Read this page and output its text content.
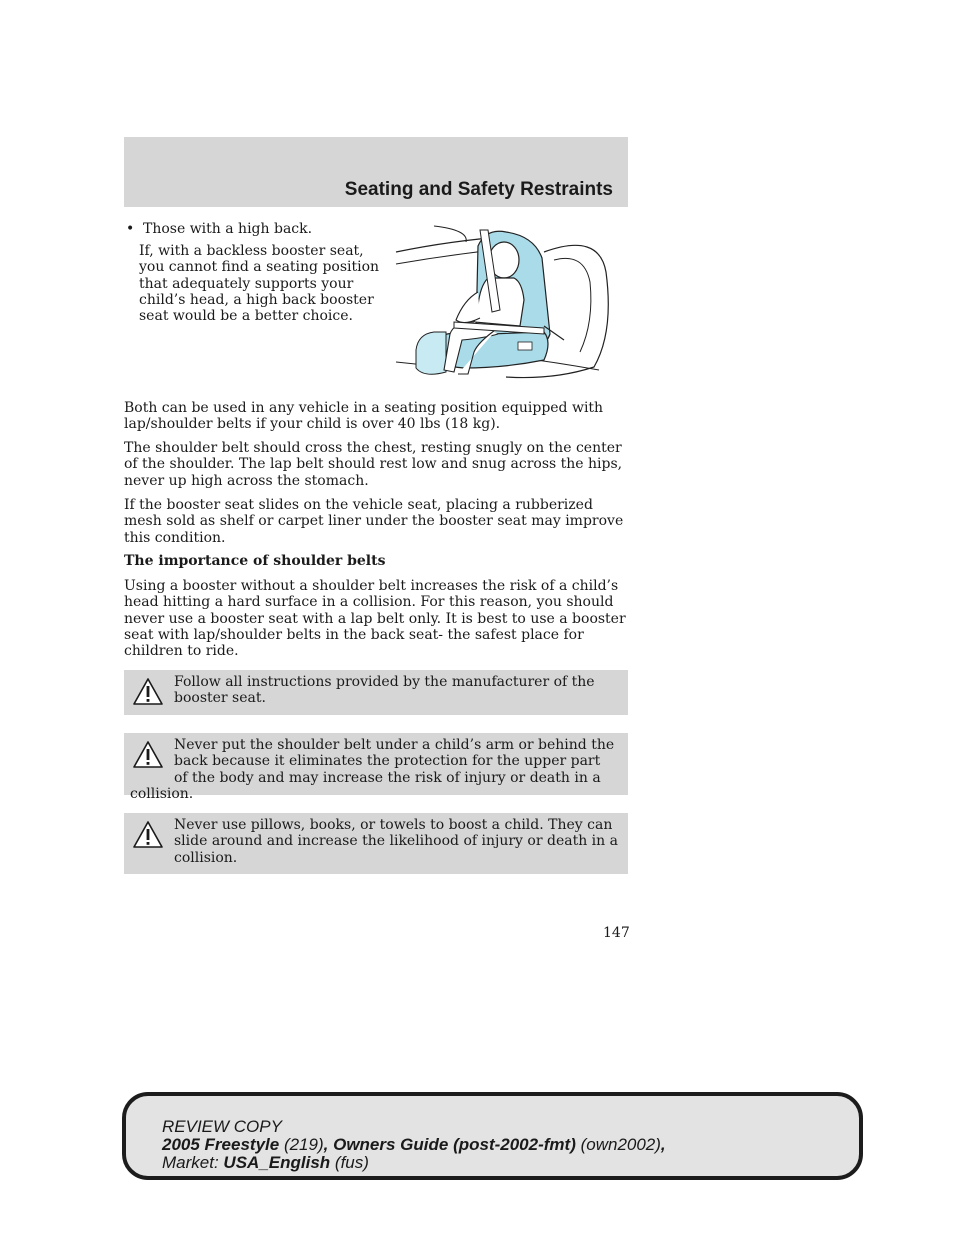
Seating and Safety Restraints
• Those with a high back.

If, with a backless booster seat, you cannot find a seating position that adequately supports your child’s head, a high back booster seat would be a better choice.

Both can be used in any vehicle in a seating position equipped with lap/shoulder belts if your child is over 40 lbs (18 kg).

The shoulder belt should cross the chest, resting snugly on the center of the shoulder. The lap belt should rest low and snug across the hips, never up high across the stomach.

If the booster seat slides on the vehicle seat, placing a rubberized mesh sold as shelf or carpet liner under the booster seat may improve this condition.

The importance of shoulder belts

Using a booster without a shoulder belt increases the risk of a child’s head hitting a hard surface in a collision. For this reason, you should never use a booster seat with a lap belt only. It is best to use a booster seat with lap/shoulder belts in the back seat- the safest place for children to ride.

Follow all instructions provided by the manufacturer of the booster seat.

Never put the shoulder belt under a child’s arm or behind the back because it eliminates the protection for the upper part of the body and may increase the risk of injury or death in a collision.

Never use pillows, books, or towels to boost a child. They can slide around and increase the likelihood of injury or death in a collision.

147
REVIEW COPY
2005 Freestyle (219), Owners Guide (post-2002-fmt) (own2002),
Market: USA_English (fus)
